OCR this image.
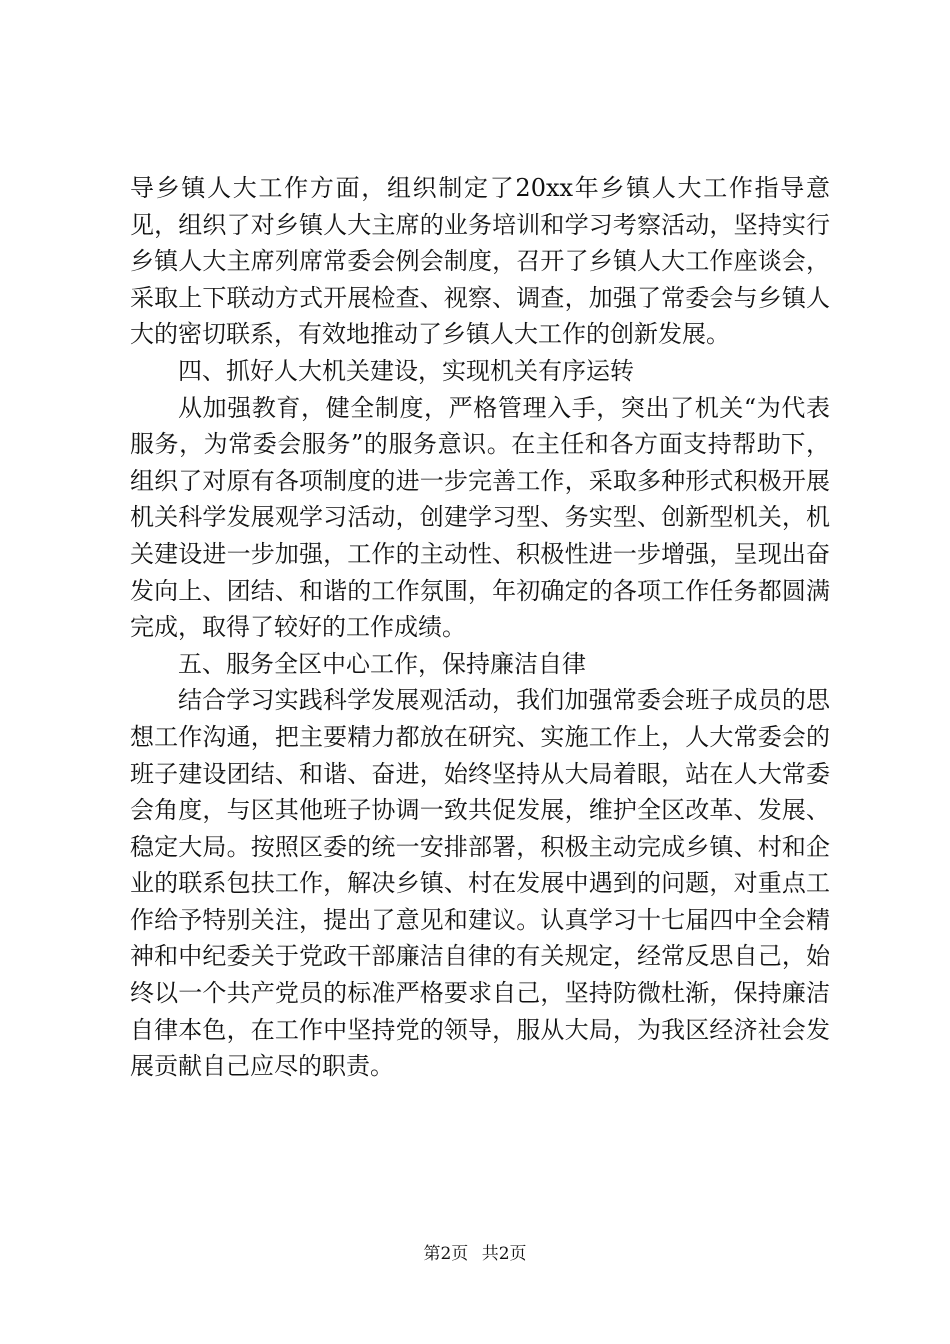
导乡镇人大工作方面，组织制定了20xx年乡镇人大工作指导意见，组织了对乡镇人大主席的业务培训和学习考察活动，坚持实行乡镇人大主席列席常委会例会制度，召开了乡镇人大工作座谈会，采取上下联动方式开展检查、视察、调查，加强了常委会与乡镇人大的密切联系，有效地推动了乡镇人大工作的创新发展。

四、抓好人大机关建设，实现机关有序运转

从加强教育，健全制度，严格管理入手，突出了机关“为代表服务，为常委会服务”的服务意识。在主任和各方面支持帮助下，组织了对原有各项制度的进一步完善工作，采取多种形式积极开展机关科学发展观学习活动，创建学习型、务实型、创新型机关，机关建设进一步加强，工作的主动性、积极性进一步增强，呈现出奋发向上、团结、和谐的工作氛围，年初确定的各项工作任务都圆满完成，取得了较好的工作成绩。

五、服务全区中心工作，保持廉洁自律

结合学习实践科学发展观活动，我们加强常委会班子成员的思想工作沟通，把主要精力都放在研究、实施工作上，人大常委会的班子建设团结、和谐、奋进，始终坚持从大局着眼，站在人大常委会角度，与区其他班子协调一致共促发展，维护全区改革、发展、稳定大局。按照区委的统一安排部署，积极主动完成乡镇、村和企业的联系包扶工作，解决乡镇、村在发展中遇到的问题，对重点工作给予特别关注，提出了意见和建议。认真学习十七届四中全会精神和中纪委关于党政干部廉洁自律的有关规定，经常反思自己，始终以一个共产党员的标准严格要求自己，坚持防微杜渐，保持廉洁自律本色，在工作中坚持党的领导，服从大局，为我区经济社会发展贡献自己应尽的职责。

第2页 共2页
